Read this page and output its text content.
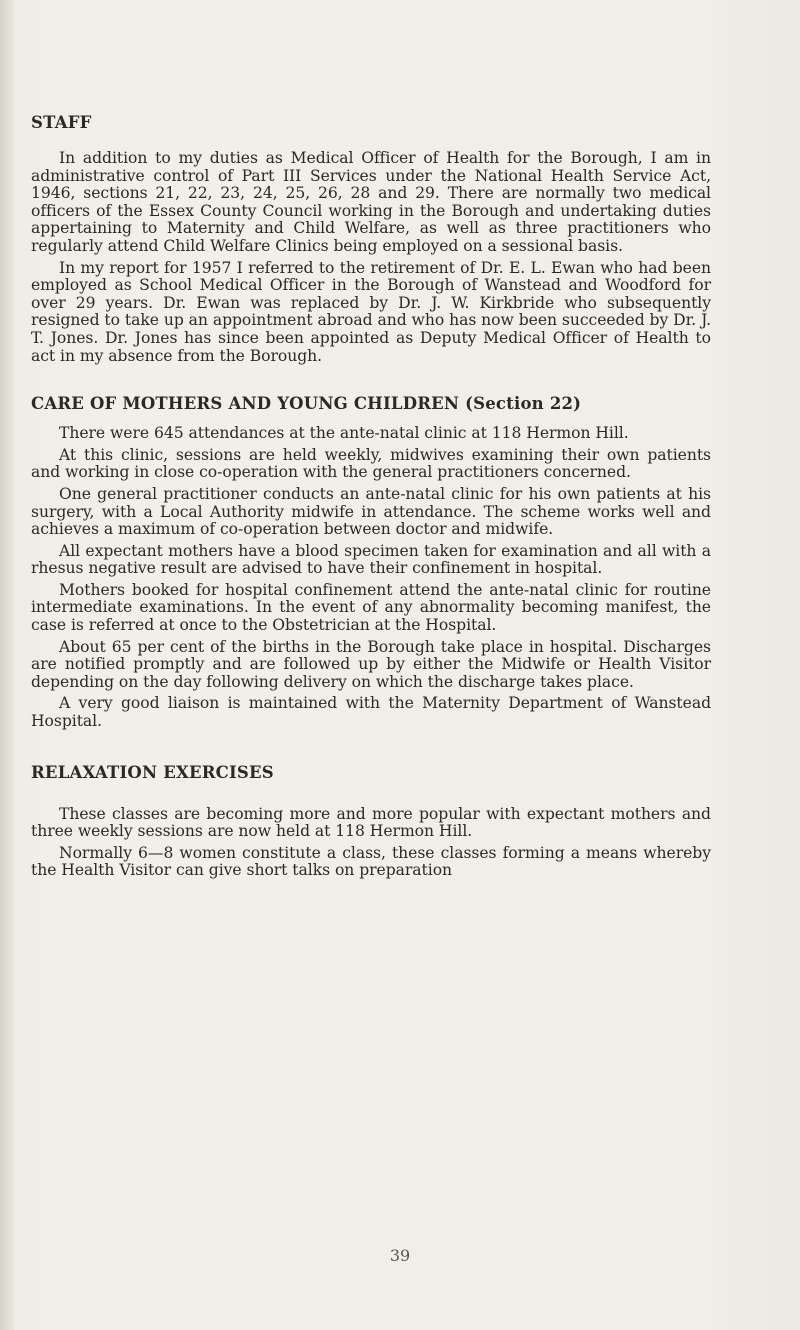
STAFF

In addition to my duties as Medical Officer of Health for the Borough, I am in administrative control of Part III Services under the National Health Service Act, 1946, sections 21, 22, 23, 24, 25, 26, 28 and 29. There are normally two medical officers of the Essex County Council working in the Borough and undertaking duties appertaining to Maternity and Child Welfare, as well as three practitioners who regularly attend Child Welfare Clinics being employed on a sessional basis.

In my report for 1957 I referred to the retirement of Dr. E. L. Ewan who had been employed as School Medical Officer in the Borough of Wanstead and Woodford for over 29 years. Dr. Ewan was replaced by Dr. J. W. Kirkbride who subsequently resigned to take up an appointment abroad and who has now been succeeded by Dr. J. T. Jones. Dr. Jones has since been appointed as Deputy Medical Officer of Health to act in my absence from the Borough.

CARE OF MOTHERS AND YOUNG CHILDREN (Section 22)

There were 645 attendances at the ante-natal clinic at 118 Hermon Hill.

At this clinic, sessions are held weekly, midwives examining their own patients and working in close co-operation with the general practitioners concerned.

One general practitioner conducts an ante-natal clinic for his own patients at his surgery, with a Local Authority midwife in attendance. The scheme works well and achieves a maximum of co-operation between doctor and midwife.

All expectant mothers have a blood specimen taken for examination and all with a rhesus negative result are advised to have their confinement in hospital.

Mothers booked for hospital confinement attend the ante-natal clinic for routine intermediate examinations. In the event of any abnormality becoming manifest, the case is referred at once to the Obstetrician at the Hospital.

About 65 per cent of the births in the Borough take place in hospital. Discharges are notified promptly and are followed up by either the Midwife or Health Visitor depending on the day following delivery on which the discharge takes place.

A very good liaison is maintained with the Maternity Department of Wanstead Hospital.

RELAXATION EXERCISES

These classes are becoming more and more popular with expectant mothers and three weekly sessions are now held at 118 Hermon Hill.

Normally 6—8 women constitute a class, these classes forming a means whereby the Health Visitor can give short talks on preparation

39
